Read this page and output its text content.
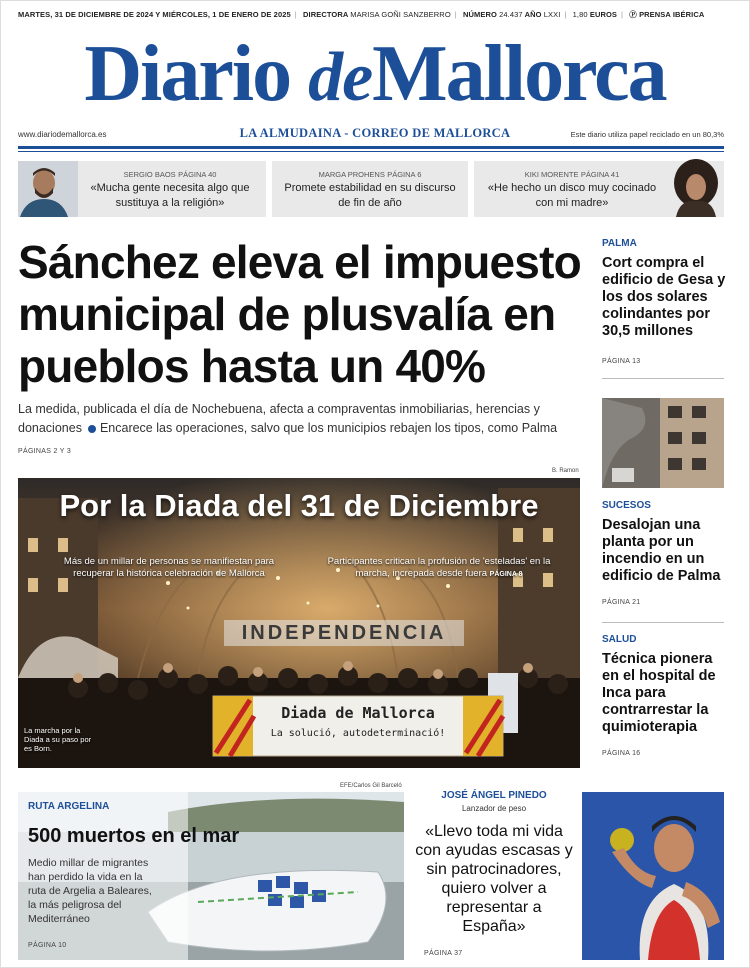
MARTES, 31 DE DICIEMBRE DE 2024 Y MIÉRCOLES, 1 DE ENERO DE 2025 | DIRECTORA MARISA GOÑI SANZBERRO | NÚMERO 24.437 AÑO LXXI | 1,80 EUROS | Ⓟ PRENSA IBÉRICA
Diario deMallorca
www.diariodemallorca.es	LA ALMUDAINA - CORREO DE MALLORCA	Este diario utiliza papel reciclado en un 80,3%
SERGIO BAOS PÁGINA 40
«Mucha gente necesita algo que sustituya a la religión»
MARGA PROHENS PÁGINA 6
Promete estabilidad en su discurso de fin de año
KIKI MORENTE PÁGINA 41
«He hecho un disco muy cocinado con mi madre»
Sánchez eleva el impuesto municipal de plusvalía en pueblos hasta un 40%
La medida, publicada el día de Nochebuena, afecta a compraventas inmobiliarias, herencias y donaciones Encarece las operaciones, salvo que los municipios rebajen los tipos, como Palma
PÁGINAS 2 Y 3
B. Ramon
Por la Diada del 31 de Diciembre
Más de un millar de personas se manifiestan para recuperar la histórica celebración de Mallorca
Participantes critican la profusión de 'esteladas' en la marcha, increpada desde fuera PÁGINA 8
INDEPENDENCIA
Diada de Mallorca
La solució, autodeterminació!
La marcha por la Diada a su paso por es Born.
PALMA
Cort compra el edificio de Gesa y los dos solares colindantes por 30,5 millones
PÁGINA 13
SUCESOS
Desalojan una planta por un incendio en un edificio de Palma
PÁGINA 21
SALUD
Técnica pionera en el hospital de Inca para contrarrestar la quimioterapia
PÁGINA 16
EFE/Carlos Gil Barceló
RUTA ARGELINA
500 muertos en el mar
Medio millar de migrantes han perdido la vida en la ruta de Argelia a Baleares, la más peligrosa del Mediterráneo
PÁGINA 10
JOSÉ ÁNGEL PINEDO
Lanzador de peso
«Llevo toda mi vida con ayudas escasas y sin patrocinadores, quiero volver a representar a España»
PÁGINA 37
